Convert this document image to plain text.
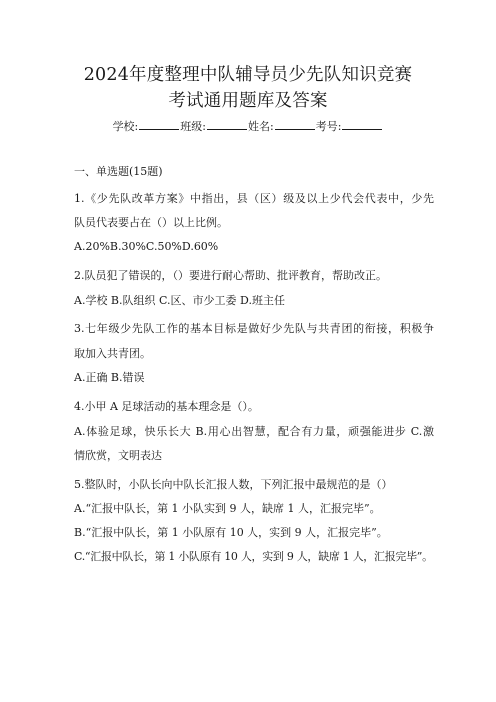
2024年度整理中队辅导员少先队知识竞赛
考试通用题库及答案
学校:	班级:	姓名:	考号:
一、单选题(15题)
1.《少先队改革方案》中指出，县（区）级及以上少代会代表中，少先
队员代表要占在（）以上比例。
A.20%B.30%C.50%D.60%
2.队员犯了错误的，（）要进行耐心帮助、批评教育，帮助改正。
A.学校 B.队组织 C.区、市少工委 D.班主任
3.七年级少先队工作的基本目标是做好少先队与共青团的衔接，积极争
取加入共青团。
A.正确 B.错误
4.小甲 A 足球活动的基本理念是（）。
A.体验足球，快乐长大 B.用心出智慧，配合有力量，顽强能进步 C.激
情欣赏，文明表达
5.整队时，小队长向中队长汇报人数，下列汇报中最规范的是（）
A.“汇报中队长，第 1 小队实到 9 人，缺席 1 人，汇报完毕”。
B.“汇报中队长，第 1 小队原有 10 人，实到 9 人，汇报完毕”。
C.“汇报中队长，第 1 小队原有 10 人，实到 9 人，缺席 1 人，汇报完毕”。
